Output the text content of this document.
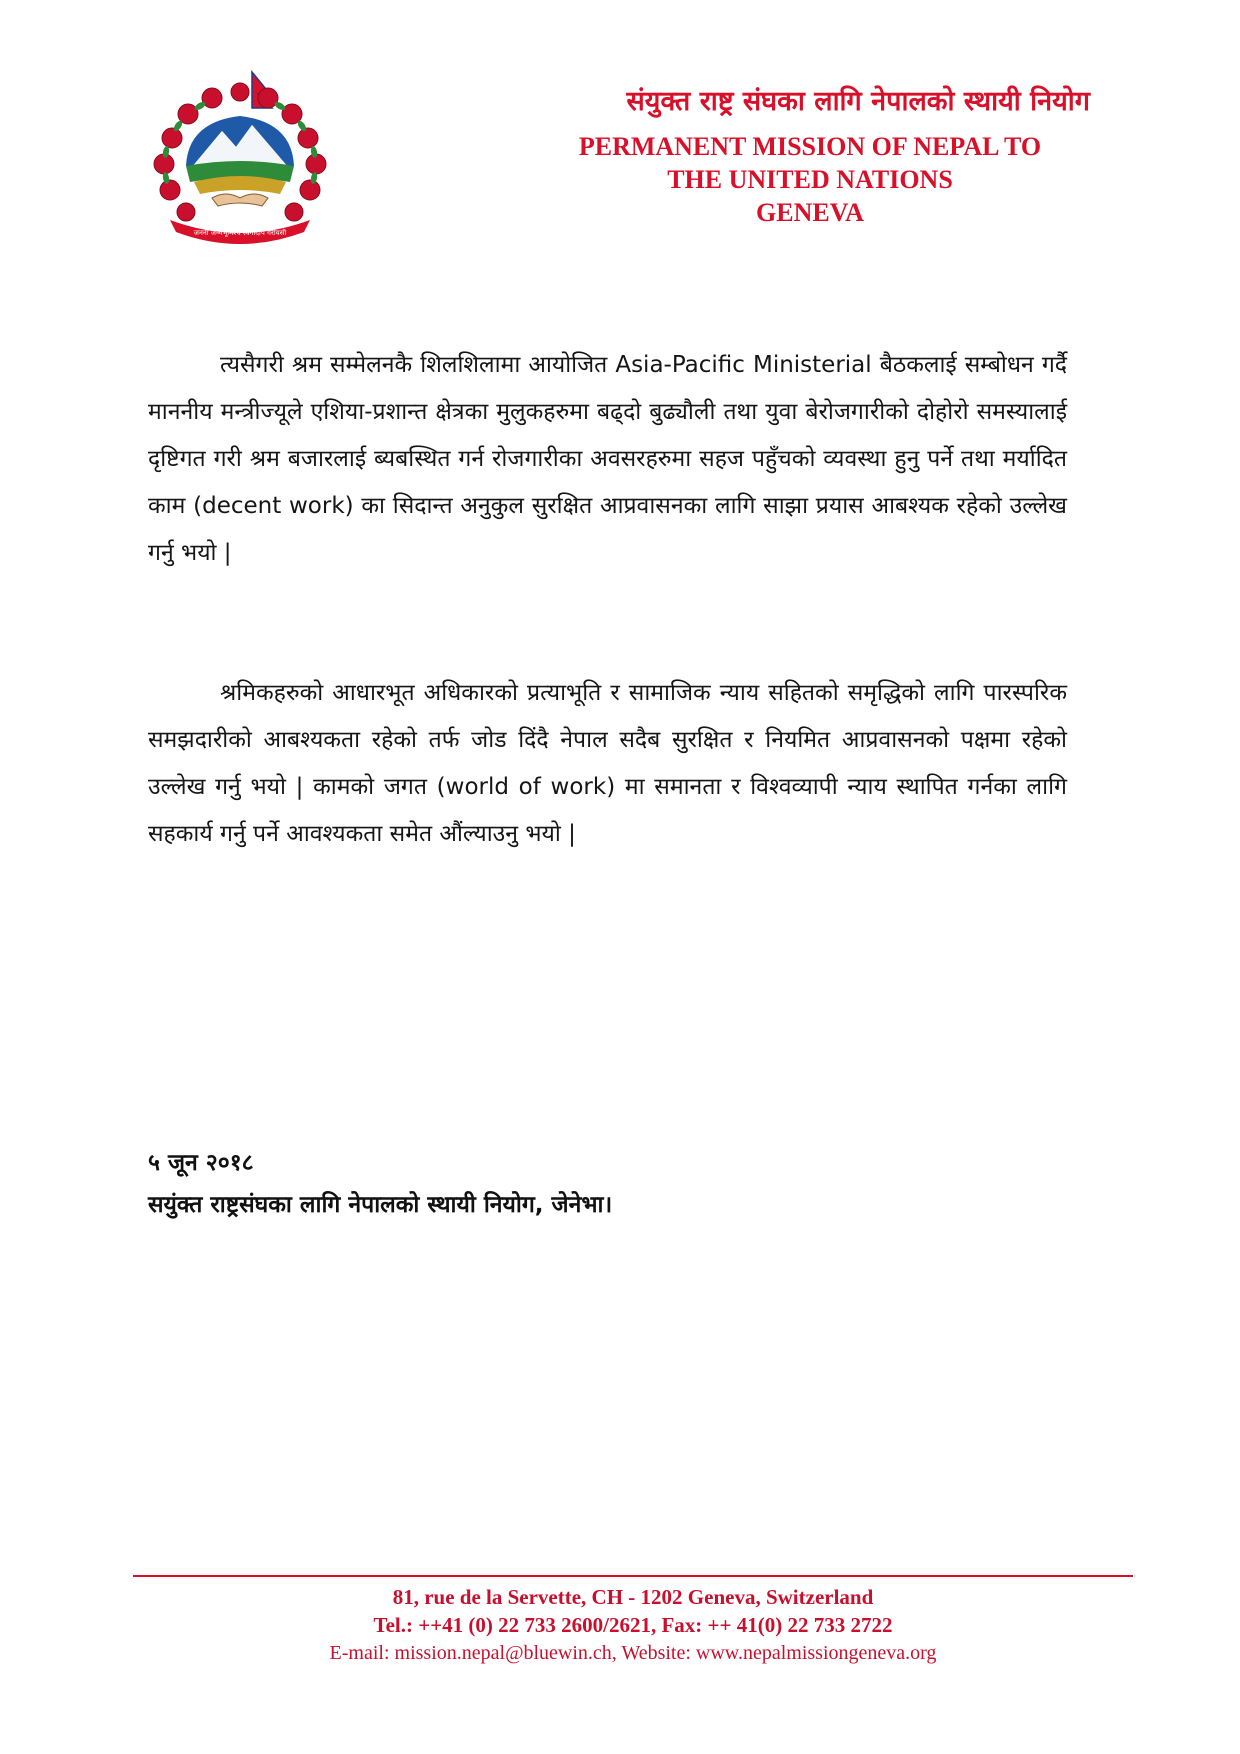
जननी जन्मभूमिश्च स्वर्गादपि गरीयसी

संयुक्त राष्ट्र संघका लागि नेपालको स्थायी नियोग

PERMANENT MISSION OF NEPAL TO

THE UNITED NATIONS

GENEVA

त्यसैगरी श्रम सम्मेलनकै शिलशिलामा आयोजित Asia-Pacific Ministerial बैठकलाई सम्बोधन गर्दै माननीय मन्त्रीज्यूले एशिया-प्रशान्त क्षेत्रका मुलुकहरुमा बढ्दो बुढ्यौली तथा युवा बेरोजगारीको दोहोरो समस्यालाई दृष्टिगत गरी श्रम बजारलाई ब्यबस्थित गर्न रोजगारीका अवसरहरुमा सहज पहुँचको व्यवस्था हुनु पर्ने तथा मर्यादित काम (decent work) का सिदान्त अनुकुल सुरक्षित आप्रवासनका लागि साझा प्रयास आबश्यक रहेको उल्लेख गर्नु भयो |

श्रमिकहरुको आधारभूत अधिकारको प्रत्याभूति र सामाजिक न्याय सहितको समृद्धिको लागि पारस्परिक समझदारीको आबश्यकता रहेको तर्फ जोड दिंदै नेपाल सदैब सुरक्षित र नियमित आप्रवासनको पक्षमा रहेको उल्लेख गर्नु भयो | कामको जगत (world of work) मा समानता र विश्वव्यापी न्याय स्थापित गर्नका लागि सहकार्य गर्नु पर्ने आवश्यकता समेत औंल्याउनु भयो |

५ जून २०१८

सयुंक्त राष्ट्रसंघका लागि नेपालको स्थायी नियोग, जेनेभा।

81, rue de la Servette, CH - 1202 Geneva, Switzerland

Tel.: ++41 (0) 22 733 2600/2621, Fax: ++ 41(0) 22 733 2722

E-mail: mission.nepal@bluewin.ch, Website: www.nepalmissiongeneva.org
